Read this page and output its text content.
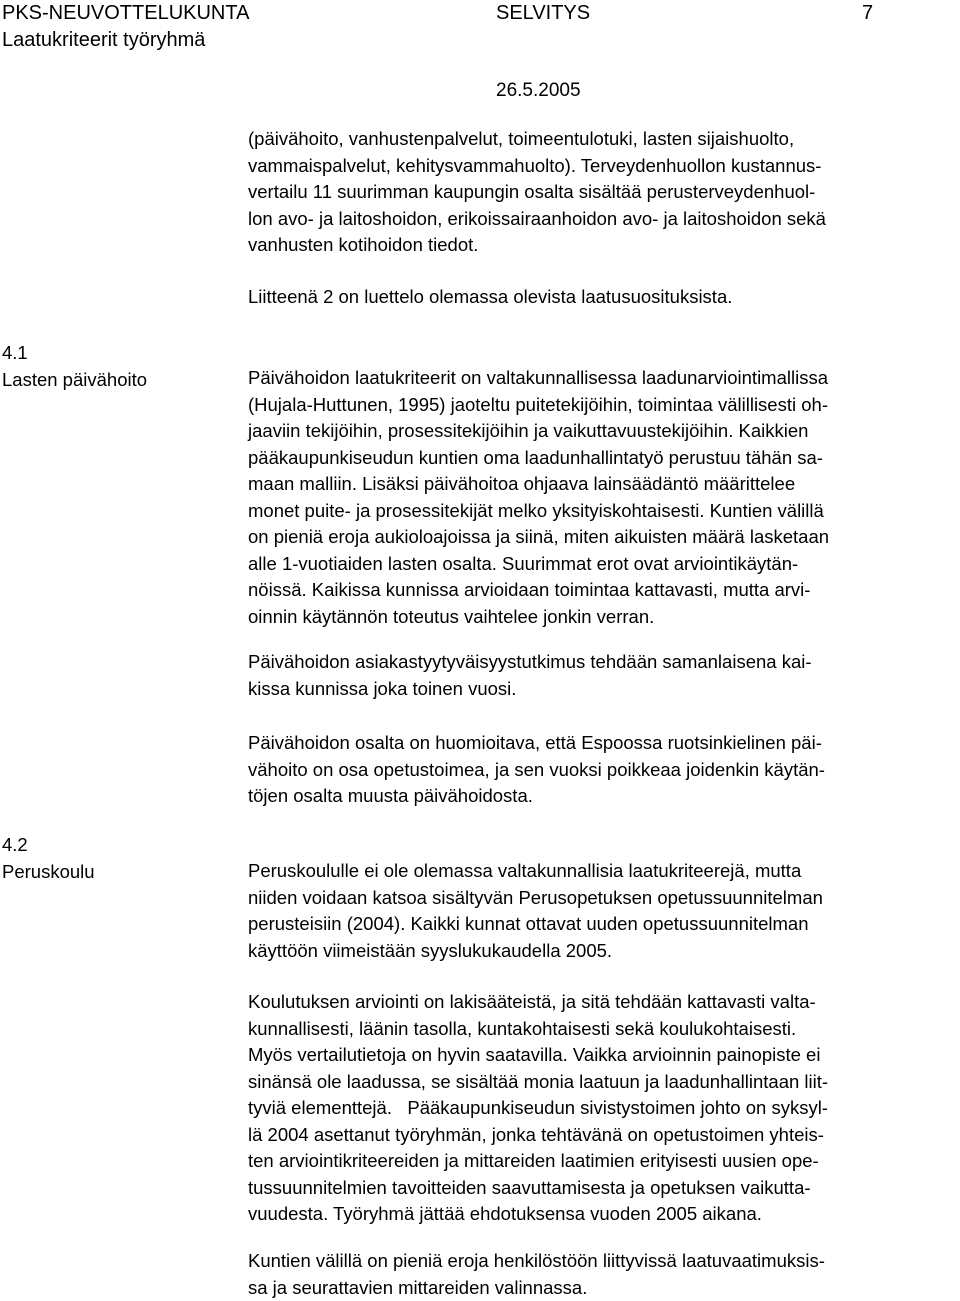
PKS-NEUVOTTELUKUNTA
Laatukriteerit työryhmä
SELVITYS	7
26.5.2005
(päivähoito, vanhustenpalvelut, toimeentulotuki, lasten sijaishuolto,
vammaispalvelut, kehitysvammahuolto). Terveydenhuollon kustannus-
vertailu 11 suurimman kaupungin osalta sisältää perusterveydenhuol-
lon avo- ja laitoshoidon, erikoissairaanhoidon avo- ja laitoshoidon sekä
vanhusten kotihoidon tiedot.
Liitteenä 2 on luettelo olemassa olevista laatusuosituksista.
4.1
Lasten päivähoito	Päivähoidon laatukriteerit on valtakunnallisessa laadunarviointimallissa
(Hujala-Huttunen, 1995) jaoteltu puitetekijöihin, toimintaa välillisesti oh-
jaaviin tekijöihin, prosessitekijöihin ja vaikuttavuustekijöihin. Kaikkien
pääkaupunkiseudun kuntien oma laadunhallintatyö perustuu tähän sa-
maan malliin. Lisäksi päivähoitoa ohjaava lainsäädäntö määrittelee
monet puite- ja prosessitekijät melko yksityiskohtaisesti. Kuntien välillä
on pieniä eroja aukioloajoissa ja siinä, miten aikuisten määrä lasketaan
alle 1-vuotiaiden lasten osalta. Suurimmat erot ovat arviointikäytän-
nöissä. Kaikissa kunnissa arvioidaan toimintaa kattavasti, mutta arvi-
oinnin käytännön toteutus vaihtelee jonkin verran.
Päivähoidon asiakastyytyväisyystutkimus tehdään samanlaisena kai-
kissa kunnissa joka toinen vuosi.
Päivähoidon osalta on huomioitava, että Espoossa ruotsinkielinen päi-
vähoito on osa opetustoimea, ja sen vuoksi poikkeaa joidenkin käytän-
töjen osalta muusta päivähoidosta.
4.2
Peruskoulu	Peruskoululle ei ole olemassa valtakunnallisia laatukriteerejä, mutta
niiden voidaan katsoa sisältyvän Perusopetuksen opetussuunnitelman
perusteisiin (2004). Kaikki kunnat ottavat uuden opetussuunnitelman
käyttöön viimeistään syyslukukaudella 2005.
Koulutuksen arviointi on lakisääteistä, ja sitä tehdään kattavasti valta-
kunnallisesti, läänin tasolla, kuntakohtaisesti sekä koulukohtaisesti.
Myös vertailutietoja on hyvin saatavilla. Vaikka arvioinnin painopiste ei
sinänsä ole laadussa, se sisältää monia laatuun ja laadunhallintaan liit-
tyviä elementtejä.   Pääkaupunkiseudun sivistystoimen johto on syksyl-
lä 2004 asettanut työryhmän, jonka tehtävänä on opetustoimen yhteis-
ten arviointikriteereiden ja mittareiden laatimien erityisesti uusien ope-
tussuunnitelmien tavoitteiden saavuttamisesta ja opetuksen vaikutta-
vuudesta. Työryhmä jättää ehdotuksensa vuoden 2005 aikana.
Kuntien välillä on pieniä eroja henkilöstöön liittyvissä laatuvaatimuksis-
sa ja seurattavien mittareiden valinnassa.
